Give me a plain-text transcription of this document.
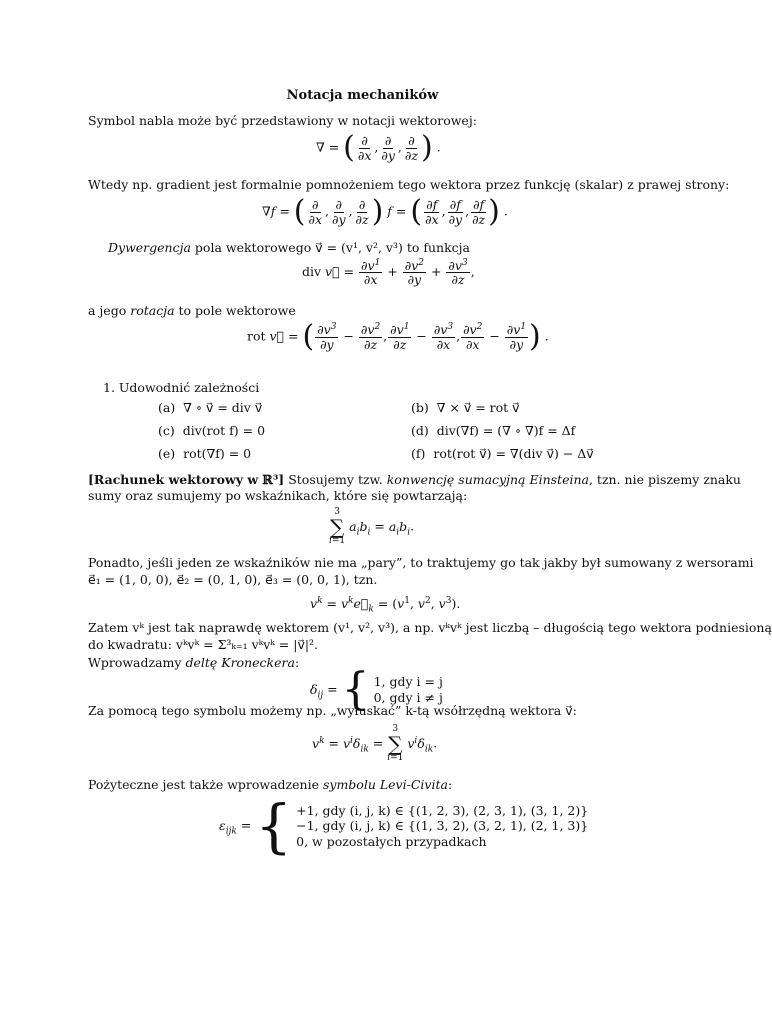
Notacja mechaników
Symbol nabla może być przedstawiony w notacji wektorowej:
∇ = ( $\frac{\partial}{\partial x}$ , $\frac{\partial}{\partial y}$ , $\frac{\partial}{\partial z}$ ) .
Wtedy np. gradient jest formalnie pomnożeniem tego wektora przez funkcję (skalar) z prawej strony:
∇f = ( $\frac{\partial}{\partial x}$ , $\frac{\partial}{\partial y}$ , $\frac{\partial}{\partial z}$ ) f = ( $\frac{\partial f}{\partial x}$ , $\frac{\partial f}{\partial y}$ , $\frac{\partial f}{\partial z}$ ) .
Dywergencja pola wektorowego v⃗ = (v¹, v², v³) to funkcja
div v⃗ = $\frac{\partial v^1}{\partial x} + \frac{\partial v^2}{\partial y} + \frac{\partial v^3}{\partial z}$ ,
a jego rotacja to pole wektorowe
rot v⃗ = ( $\frac{\partial v^3}{\partial y} - \frac{\partial v^2}{\partial z}$ , $\frac{\partial v^1}{\partial z} - \frac{\partial v^3}{\partial x}$ , $\frac{\partial v^2}{\partial x} - \frac{\partial v^1}{\partial y}$ ) .
1. Udowodnić zależności
(a) ∇ ∘ v⃗ = div v⃗	(b) ∇ × v⃗ = rot v⃗
(c) div(rot f) = 0	(d) div(∇f) = (∇ ∘ ∇)f = Δf
(e) rot(∇f) = 0	(f) rot(rot v⃗) = ∇(div v⃗) − Δv⃗
[Rachunek wektorowy w ℝ³] Stosujemy tzw. konwencję sumacyjną Einsteina, tzn. nie piszemy znaku
sumy oraz sumujemy po wskaźnikach, które się powtarzają:
3
∑
i=1
$a_ib_i = a_ib_i$.
Ponadto, jeśli jeden ze wskaźników nie ma „pary”, to traktujemy go tak jakby był sumowany z wersorami
e⃗₁ = (1, 0, 0), e⃗₂ = (0, 1, 0), e⃗₃ = (0, 0, 1), tzn.
$v^k$ = $v^ke⃗_k = (v^1$, $v^2$, $v^3$).
Zatem vᵏ jest tak naprawdę wektorem (v¹, v², v³), a np. vᵏvᵏ jest liczbą – długością tego wektora podniesioną
do kwadratu: vᵏvᵏ = Σ³ₖ₌₁ vᵏvᵏ = |v⃗|².
Wprowadzamy deltę Kroneckera:
$\delta_{ij}$ = { 1, gdy i = j
0, gdy i ≠ j
Za pomocą tego symbolu możemy np. „wyłuskać” k-tą wsółrzędną wektora v⃗:
$v^k = v^i\delta_{ik}$ =
3
∑
i=1
$v^i\delta_{ik}$.
Pożyteczne jest także wprowadzenie symbolu Levi-Civita:
$\varepsilon_{ijk}$ = { +1, gdy (i, j, k) ∈ {(1, 2, 3), (2, 3, 1), (3, 1, 2)}
−1, gdy (i, j, k) ∈ {(1, 3, 2), (3, 2, 1), (2, 1, 3)}
0, w pozostałych przypadkach
